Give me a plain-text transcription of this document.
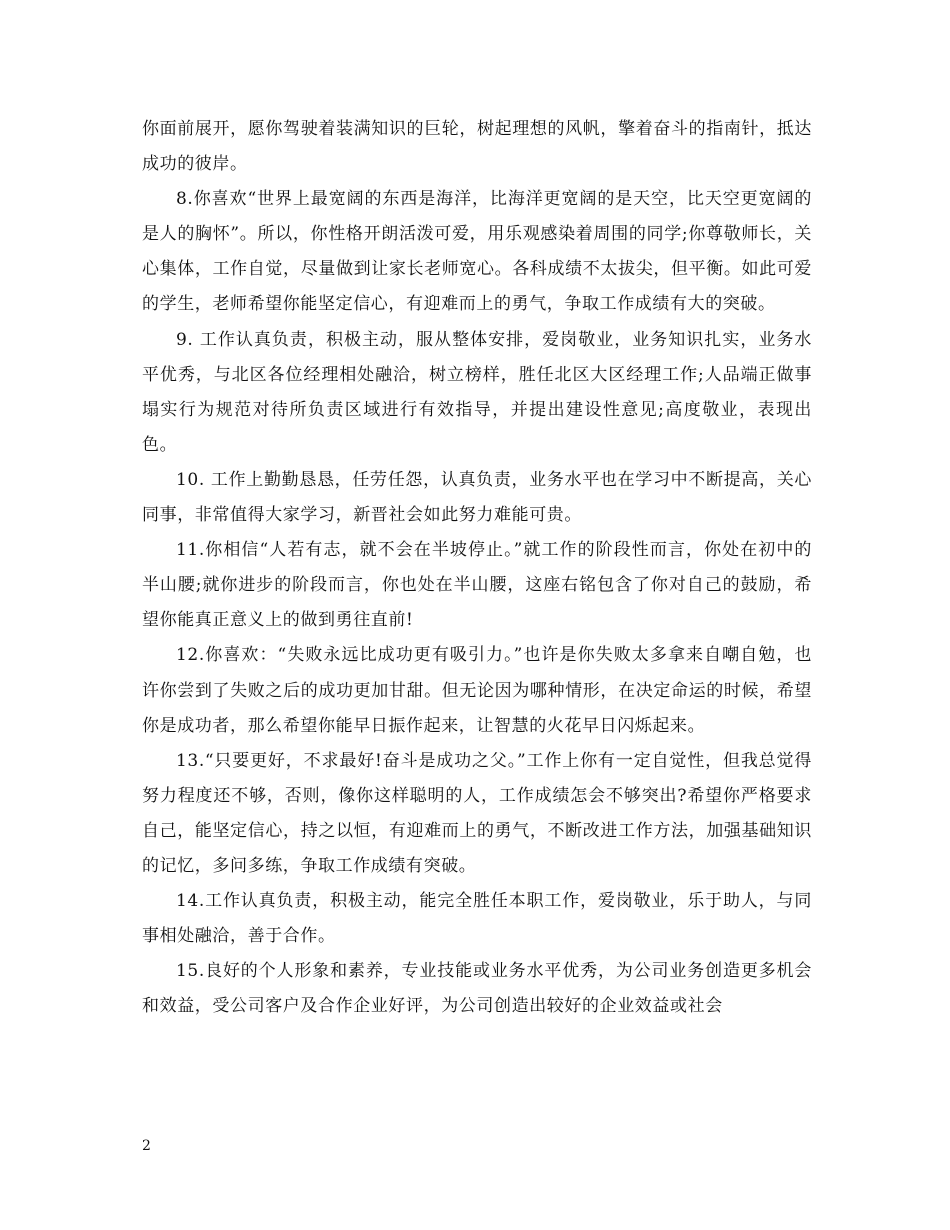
你面前展开，愿你驾驶着装满知识的巨轮，树起理想的风帆，擎着奋斗的指南针，抵达成功的彼岸。

8.你喜欢“世界上最宽阔的东西是海洋，比海洋更宽阔的是天空，比天空更宽阔的是人的胸怀”。所以，你性格开朗活泼可爱，用乐观感染着周围的同学;你尊敬师长，关心集体，工作自觉，尽量做到让家长老师宽心。各科成绩不太拔尖，但平衡。如此可爱的学生，老师希望你能坚定信心，有迎难而上的勇气，争取工作成绩有大的突破。

9. 工作认真负责，积极主动，服从整体安排，爱岗敬业，业务知识扎实，业务水平优秀，与北区各位经理相处融洽，树立榜样，胜任北区大区经理工作;人品端正做事塌实行为规范对待所负责区域进行有效指导，并提出建设性意见;高度敬业，表现出色。

10. 工作上勤勤恳恳，任劳任怨，认真负责，业务水平也在学习中不断提高，关心同事，非常值得大家学习，新晋社会如此努力难能可贵。

11.你相信“人若有志，就不会在半坡停止。”就工作的阶段性而言，你处在初中的半山腰;就你进步的阶段而言，你也处在半山腰，这座右铭包含了你对自己的鼓励，希望你能真正意义上的做到勇往直前!

12.你喜欢：“失败永远比成功更有吸引力。”也许是你失败太多拿来自嘲自勉，也许你尝到了失败之后的成功更加甘甜。但无论因为哪种情形，在决定命运的时候，希望你是成功者，那么希望你能早日振作起来，让智慧的火花早日闪烁起来。

13.“只要更好，不求最好!奋斗是成功之父。”工作上你有一定自觉性，但我总觉得努力程度还不够，否则，像你这样聪明的人，工作成绩怎会不够突出?希望你严格要求自己，能坚定信心，持之以恒，有迎难而上的勇气，不断改进工作方法，加强基础知识的记忆，多问多练，争取工作成绩有突破。

14.工作认真负责，积极主动，能完全胜任本职工作，爱岗敬业，乐于助人，与同事相处融洽，善于合作。

15.良好的个人形象和素养，专业技能或业务水平优秀，为公司业务创造更多机会和效益，受公司客户及合作企业好评，为公司创造出较好的企业效益或社会

2
